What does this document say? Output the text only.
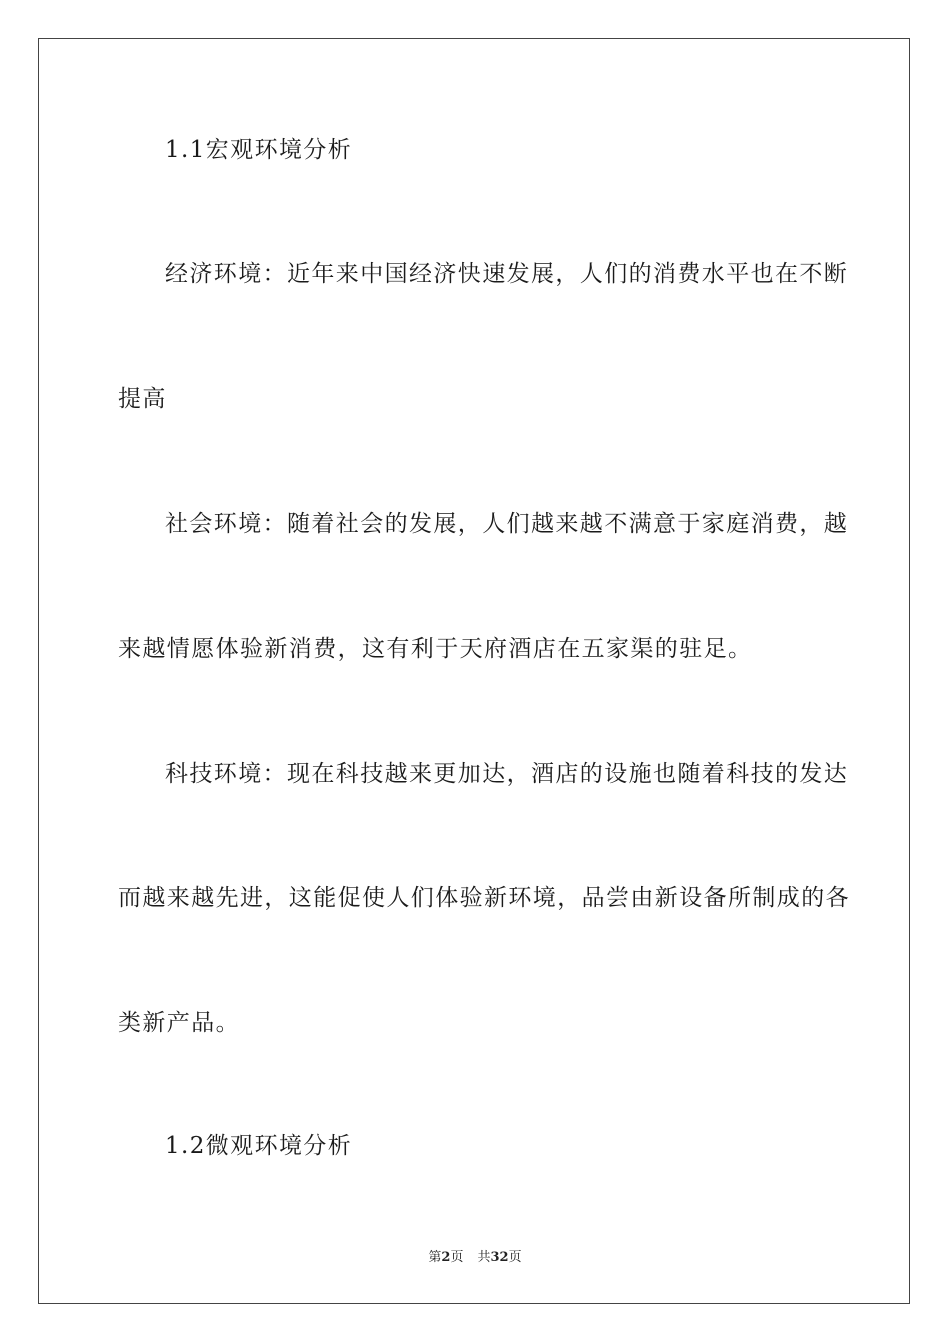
1.1宏观环境分析
经济环境：近年来中国经济快速发展，人们的消费水平也在不断
提高
社会环境：随着社会的发展，人们越来越不满意于家庭消费，越
来越情愿体验新消费，这有利于天府酒店在五家渠的驻足。
科技环境：现在科技越来更加达，酒店的设施也随着科技的发达
而越来越先进，这能促使人们体验新环境，品尝由新设备所制成的各
类新产品。
1.2微观环境分析
第2页 共32页
